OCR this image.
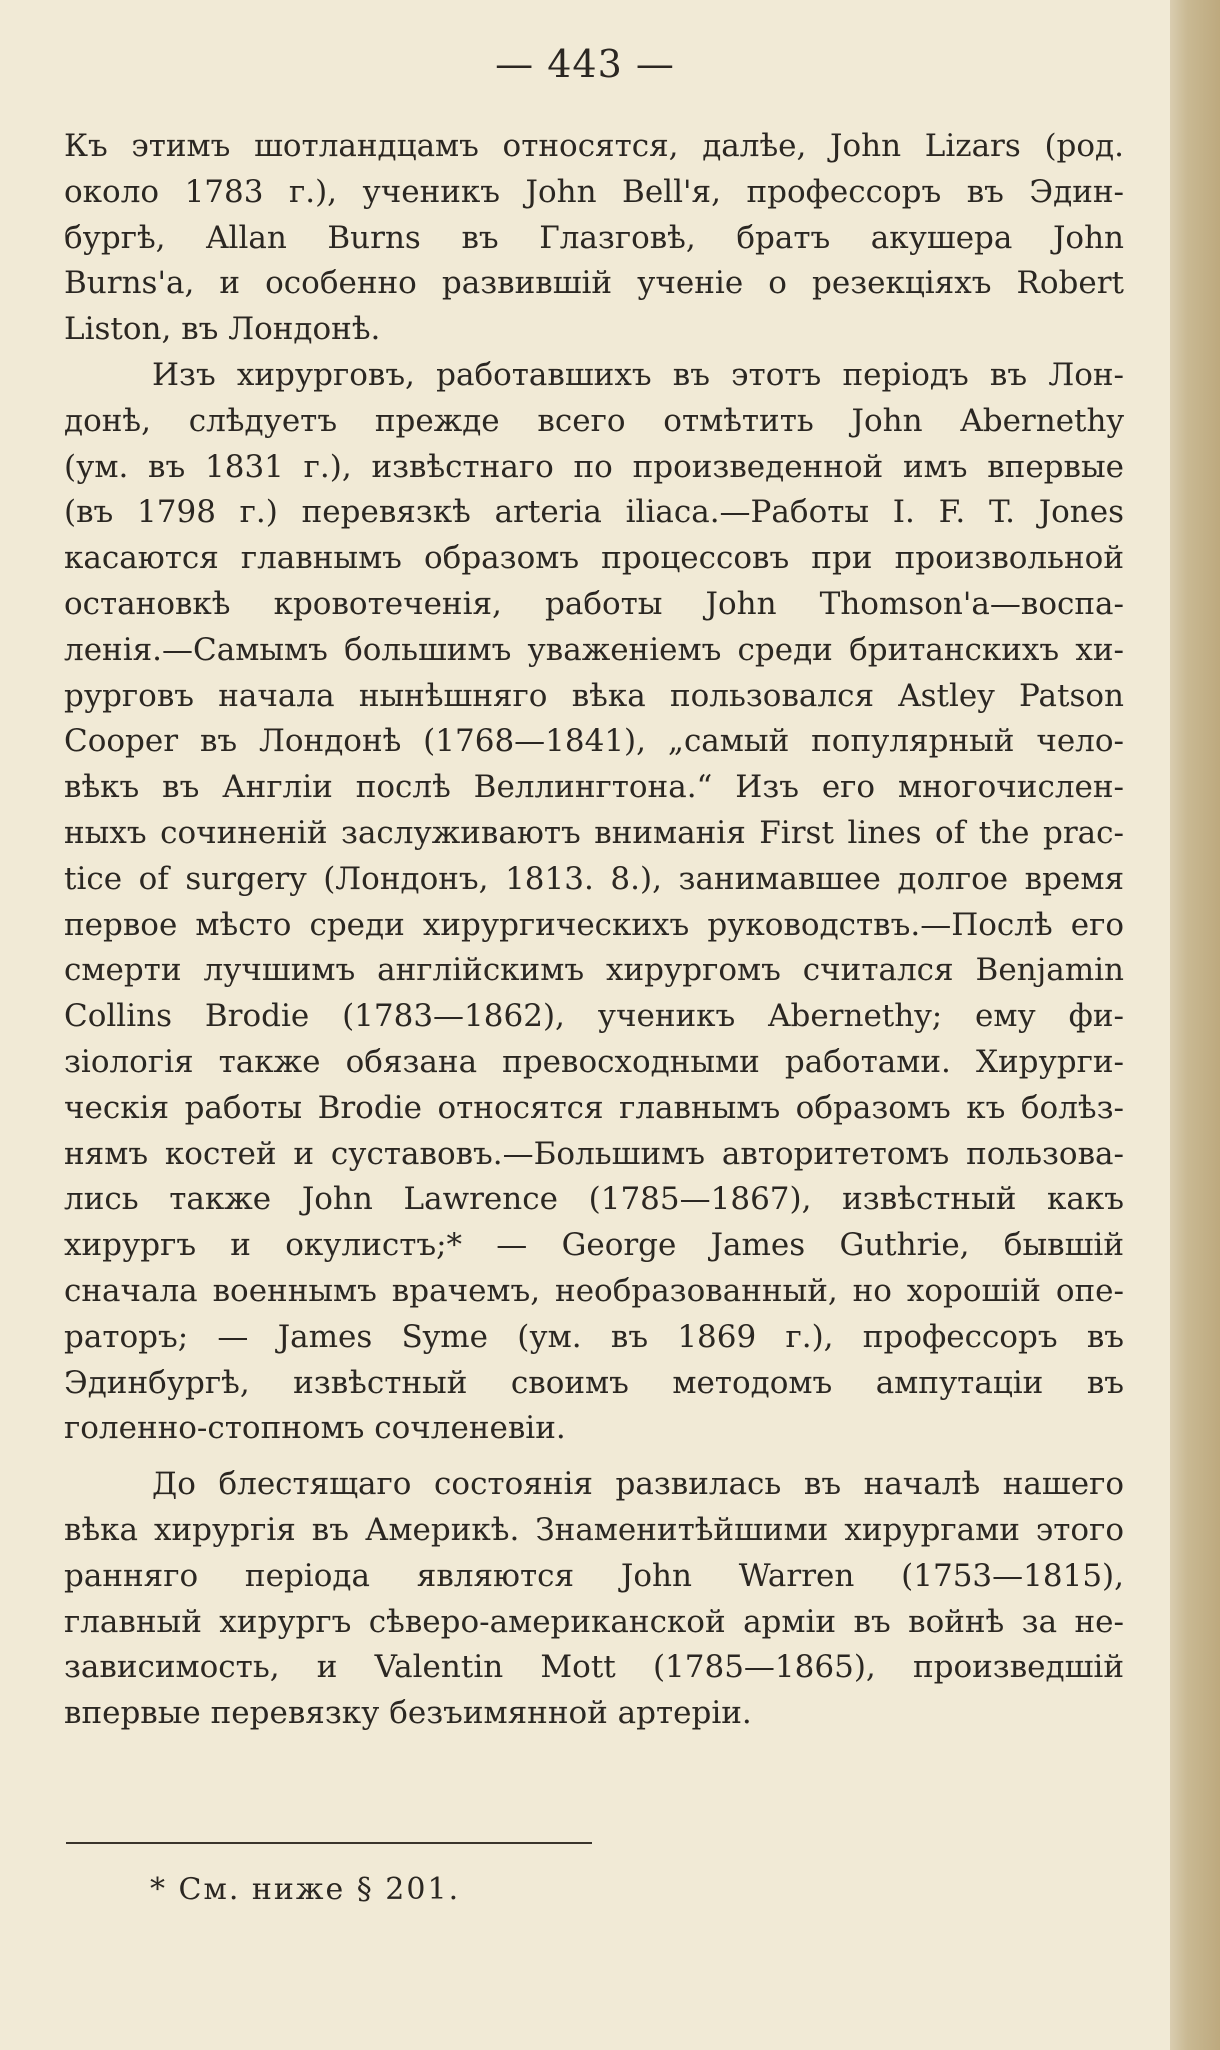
— 443 —
Къ этимъ шотландцамъ относятся, далѣе, John Lizars (род.
около 1783 г.), ученикъ John Bell'я, профессоръ въ Эдин-
бургѣ, Allan Burns въ Глазговѣ, братъ акушера John
Burns'а, и особенно развившій ученіе о резекціяхъ Robert
Liston, въ Лондонѣ.
Изъ хирурговъ, работавшихъ въ этотъ періодъ въ Лон-
донѣ, слѣдуетъ прежде всего отмѣтить John Abernethy
(ум. въ 1831 г.), извѣстнаго по произведенной имъ впервые
(въ 1798 г.) перевязкѣ arteria iliaca.—Работы I. F. T. Jones
касаются главнымъ образомъ процессовъ при произвольной
остановкѣ кровотеченія, работы John Thomson'а—воспа-
ленія.—Самымъ большимъ уваженіемъ среди британскихъ хи-
рурговъ начала нынѣшняго вѣка пользовался Astley Patson
Cooper въ Лондонѣ (1768—1841), „самый популярный чело-
вѣкъ въ Англіи послѣ Веллингтона.“ Изъ его многочислен-
ныхъ сочиненій заслуживаютъ вниманія First lines of the prac-
tice of surgery (Лондонъ, 1813. 8.), занимавшее долгое время
первое мѣсто среди хирургическихъ руководствъ.—Послѣ его
смерти лучшимъ англійскимъ хирургомъ считался Benjamin
Collins Brodie (1783—1862), ученикъ Abernethy; ему фи-
зіологія также обязана превосходными работами. Хирурги-
ческія работы Brodie относятся главнымъ образомъ къ болѣз-
нямъ костей и суставовъ.—Большимъ авторитетомъ пользова-
лись также John Lawrence (1785—1867), извѣстный какъ
хирургъ и окулистъ;* — George James Guthrie, бывшій
сначала военнымъ врачемъ, необразованный, но хорошій опе-
раторъ; — James Syme (ум. въ 1869 г.), профессоръ въ
Эдинбургѣ, извѣстный своимъ методомъ ампутаціи въ
голенно-стопномъ сочленевіи.
До блестящаго состоянія развилась въ началѣ нашего
вѣка хирургія въ Америкѣ. Знаменитѣйшими хирургами этого
ранняго періода являются John Warren (1753—1815),
главный хирургъ сѣверо-американской арміи въ войнѣ за не-
зависимость, и Valentin Mott (1785—1865), произведшій
впервые перевязку безъимянной артеріи.
* См. ниже § 201.
